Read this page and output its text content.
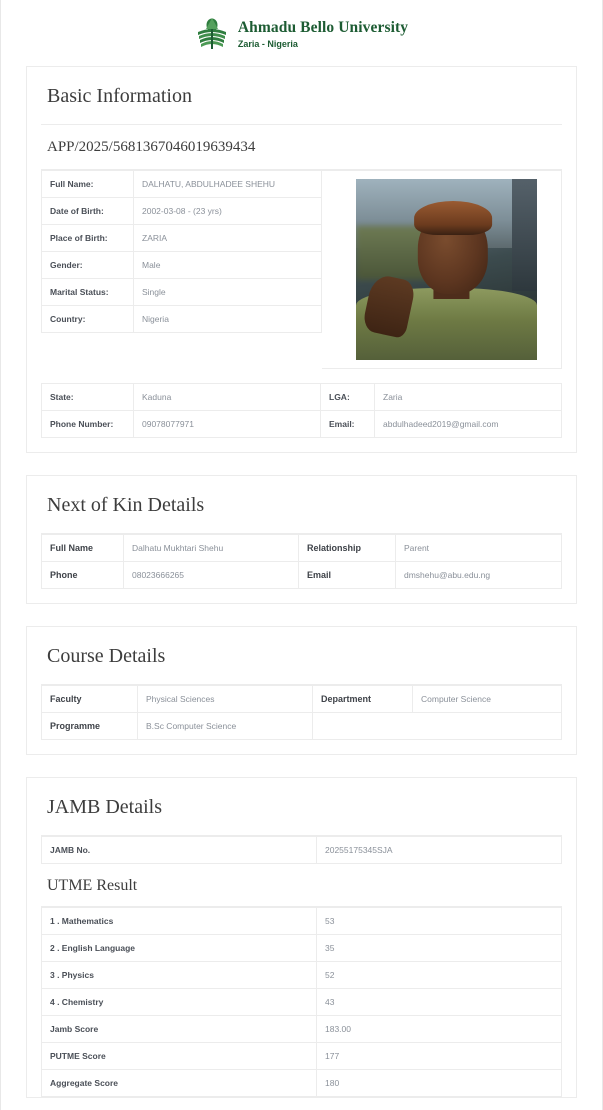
Ahmadu Bello University
Zaria - Nigeria
Basic Information
APP/2025/5681367046019639434
Full Name:	DALHATU, ABDULHADEE SHEHU
Date of Birth:	2002-03-08 - (23 yrs)
Place of Birth:	ZARIA
Gender:	Male
Marital Status:	Single
Country:	Nigeria
State:	Kaduna	LGA:	Zaria
Phone Number:	09078077971	Email:	abdulhadeed2019@gmail.com
Next of Kin Details
Full Name	Dalhatu Mukhtari Shehu	Relationship	Parent
Phone	08023666265	Email	dmshehu@abu.edu.ng
Course Details
Faculty	Physical Sciences	Department	Computer Science
Programme	B.Sc Computer Science		
JAMB Details
JAMB No.	20255175345SJA
UTME Result
1 . Mathematics	53
2 . English Language	35
3 . Physics	52
4 . Chemistry	43
Jamb Score	183.00
PUTME Score	177
Aggregate Score	180
